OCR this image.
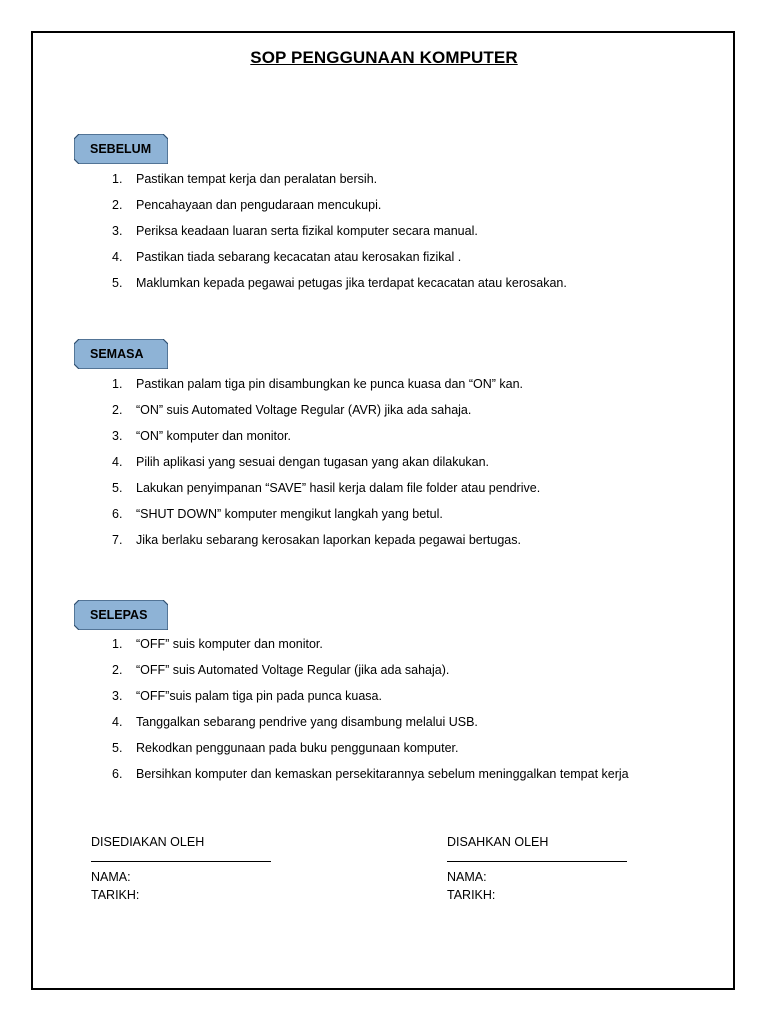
SOP PENGGUNAAN KOMPUTER
SEBELUM
1. Pastikan tempat kerja dan peralatan bersih.
2. Pencahayaan dan pengudaraan mencukupi.
3. Periksa keadaan luaran serta fizikal komputer secara manual.
4. Pastikan tiada sebarang kecacatan atau kerosakan fizikal .
5. Maklumkan kepada pegawai petugas jika terdapat kecacatan atau kerosakan.
SEMASA
1. Pastikan palam tiga pin disambungkan ke punca kuasa dan “ON” kan.
2. “ON” suis Automated Voltage Regular (AVR) jika ada sahaja.
3. “ON” komputer dan monitor.
4. Pilih aplikasi yang sesuai dengan tugasan yang akan dilakukan.
5. Lakukan penyimpanan “SAVE” hasil kerja dalam file folder atau pendrive.
6. “SHUT DOWN” komputer mengikut langkah yang betul.
7. Jika berlaku sebarang kerosakan laporkan kepada pegawai bertugas.
SELEPAS
1. “OFF” suis komputer dan monitor.
2. “OFF” suis Automated Voltage Regular (jika ada sahaja).
3. “OFF”suis palam tiga pin pada punca kuasa.
4. Tanggalkan sebarang pendrive yang disambung melalui USB.
5. Rekodkan penggunaan pada buku penggunaan komputer.
6. Bersihkan komputer dan kemaskan persekitarannya sebelum meninggalkan tempat kerja
DISEDIAKAN OLEH
NAMA:
TARIKH:
DISAHKAN OLEH
NAMA:
TARIKH:
